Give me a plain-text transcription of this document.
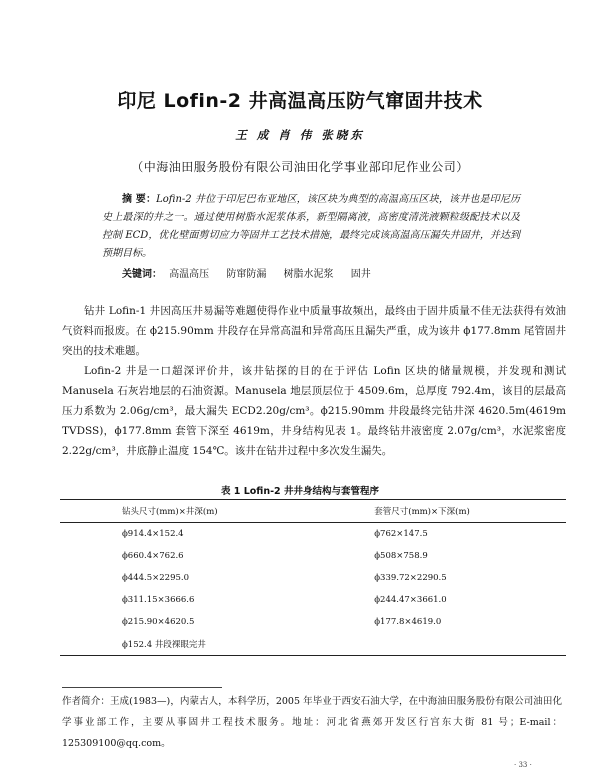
印尼 Lofin-2 井高温高压防气窜固井技术
王 成 肖 伟 张晓东
（中海油田服务股份有限公司油田化学事业部印尼作业公司）
摘 要：Lofin-2 井位于印尼巴布亚地区，该区块为典型的高温高压区块，该井也是印尼历史上最深的井之一。通过使用树脂水泥浆体系，新型隔离液，高密度清洗液颗粒级配技术以及控制 ECD，优化壁面剪切应力等固井工艺技术措施，最终完成该高温高压漏失井固井，并达到预期目标。
关键词： 高温高压 防窜防漏 树脂水泥浆 固井

钻井 Lofin-1 井因高压井易漏等难题使得作业中质量事故频出，最终由于固井质量不佳无法获得有效油气资料而报废。在 ϕ215.90mm 井段存在异常高温和异常高压且漏失严重，成为该井 ϕ177.8mm 尾管固井突出的技术难题。

Lofin-2 井是一口超深评价井，该井钻探的目的在于评估 Lofin 区块的储量规模，并发现和测试 Manusela 石灰岩地层的石油资源。Manusela 地层顶层位于 4509.6m，总厚度 792.4m，该目的层最高压力系数为 2.06g/cm³，最大漏失 ECD2.20g/cm³。ϕ215.90mm 井段最终完钻井深 4620.5m(4619m TVDSS)，ϕ177.8mm 套管下深至 4619m，井身结构见表 1。最终钻井液密度 2.07g/cm³，水泥浆密度 2.22g/cm³，井底静止温度 154℃。该井在钻井过程中多次发生漏失。

表 1 Lofin-2 井井身结构与套管程序
钻头尺寸(mm)×井深(m)	套管尺寸(mm)×下深(m)
ϕ914.4×152.4	ϕ762×147.5
ϕ660.4×762.6	ϕ508×758.9
ϕ444.5×2295.0	ϕ339.72×2290.5
ϕ311.15×3666.6	ϕ244.47×3661.0
ϕ215.90×4620.5	ϕ177.8×4619.0
ϕ152.4 井段裸眼完井	

作者简介：王成(1983—)，内蒙古人，本科学历，2005 年毕业于西安石油大学，在中海油田服务股份有限公司油田化学事业部工作，主要从事固井工程技术服务。地址：河北省燕郊开发区行宫东大街 81 号；E-mail：125309100@qq.com。

· 33 ·
